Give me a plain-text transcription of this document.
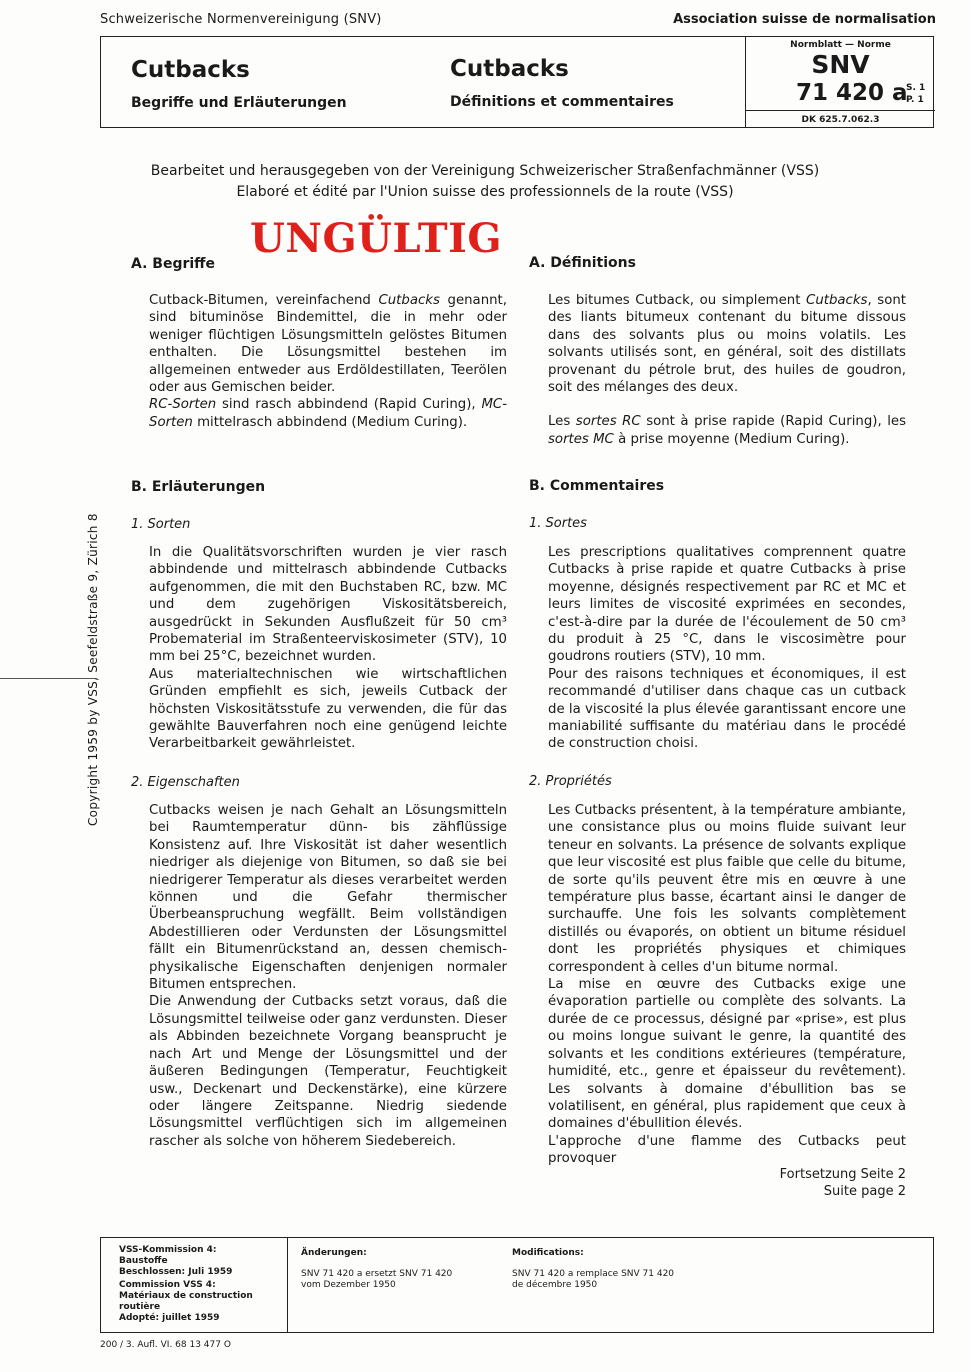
Schweizerische Normenvereinigung (SNV)	Association suisse de normalisation
Cutbacks
Begriffe und Erläuterungen
Cutbacks
Définitions et commentaires
Normblatt — Norme
SNV
71 420 a
S. 1
P. 1
DK 625.7.062.3
Bearbeitet und herausgegeben von der Vereinigung Schweizerischer Straßenfachmänner (VSS)
Elaboré et édité par l'Union suisse des professionnels de la route (VSS)
UNGÜLTIG
A. Begriffe

Cutback-Bitumen, vereinfachend Cutbacks genannt, sind bituminöse Bindemittel, die in mehr oder weniger flüchtigen Lösungsmitteln gelöstes Bitumen enthalten. Die Lösungsmittel bestehen im allgemeinen entweder aus Erdöldestillaten, Teerölen oder aus Gemischen beider.

RC-Sorten sind rasch abbindend (Rapid Curing), MC-Sorten mittelrasch abbindend (Medium Curing).

B. Erläuterungen
1. Sorten

In die Qualitätsvorschriften wurden je vier rasch abbindende und mittelrasch abbindende Cutbacks aufgenommen, die mit den Buchstaben RC, bzw. MC und dem zugehörigen Viskositätsbereich, ausgedrückt in Sekunden Ausflußzeit für 50 cm³ Probematerial im Straßenteerviskosimeter (STV), 10 mm bei 25°C, bezeichnet wurden.

Aus materialtechnischen wie wirtschaftlichen Gründen empfiehlt es sich, jeweils Cutback der höchsten Viskositätsstufe zu verwenden, die für das gewählte Bauverfahren noch eine genügend leichte Verarbeitbarkeit gewährleistet.

2. Eigenschaften

Cutbacks weisen je nach Gehalt an Lösungsmitteln bei Raumtemperatur dünn- bis zähflüssige Konsistenz auf. Ihre Viskosität ist daher wesentlich niedriger als diejenige von Bitumen, so daß sie bei niedrigerer Temperatur als dieses verarbeitet werden können und die Gefahr thermischer Überbeanspruchung wegfällt. Beim vollständigen Abdestillieren oder Verdunsten der Lösungsmittel fällt ein Bitumenrückstand an, dessen chemisch-physikalische Eigenschaften denjenigen normaler Bitumen entsprechen.

Die Anwendung der Cutbacks setzt voraus, daß die Lösungsmittel teilweise oder ganz verdunsten. Dieser als Abbinden bezeichnete Vorgang beansprucht je nach Art und Menge der Lösungsmittel und der äußeren Bedingungen (Temperatur, Feuchtigkeit usw., Deckenart und Deckenstärke), eine kürzere oder längere Zeitspanne. Niedrig siedende Lösungsmittel verflüchtigen sich im allgemeinen rascher als solche von höherem Siedebereich.

A. Définitions

Les bitumes Cutback, ou simplement Cutbacks, sont des liants bitumeux contenant du bitume dissous dans des solvants plus ou moins volatils. Les solvants utilisés sont, en général, soit des distillats provenant du pétrole brut, des huiles de goudron, soit des mélanges des deux.

Les sortes RC sont à prise rapide (Rapid Curing), les sortes MC à prise moyenne (Medium Curing).

B. Commentaires
1. Sortes

Les prescriptions qualitatives comprennent quatre Cutbacks à prise rapide et quatre Cutbacks à prise moyenne, désignés respectivement par RC et MC et leurs limites de viscosité exprimées en secondes, c'est-à-dire par la durée de l'écoulement de 50 cm³ du produit à 25 °C, dans le viscosimètre pour goudrons routiers (STV), 10 mm.

Pour des raisons techniques et économiques, il est recommandé d'utiliser dans chaque cas un cutback de la viscosité la plus élevée garantissant encore une maniabilité suffisante du matériau dans le procédé de construction choisi.

2. Propriétés

Les Cutbacks présentent, à la température ambiante, une consistance plus ou moins fluide suivant leur teneur en solvants. La présence de solvants explique que leur viscosité est plus faible que celle du bitume, de sorte qu'ils peuvent être mis en œuvre à une température plus basse, écartant ainsi le danger de surchauffe. Une fois les solvants complètement distillés ou évaporés, on obtient un bitume résiduel dont les propriétés physiques et chimiques correspondent à celles d'un bitume normal.

La mise en œuvre des Cutbacks exige une évaporation partielle ou complète des solvants. La durée de ce processus, désigné par «prise», est plus ou moins longue suivant le genre, la quantité des solvants et les conditions extérieures (température, humidité, etc., genre et épaisseur du revêtement). Les solvants à domaine d'ébullition bas se volatilisent, en général, plus rapidement que ceux à domaines d'ébullition élevés.

L'approche d'une flamme des Cutbacks peut provoquer

Fortsetzung Seite 2
Suite page 2
Copyright 1959 by VSS, Seefeldstraße 9, Zürich 8
VSS-Kommission 4:
Baustoffe
Beschlossen: Juli 1959
Commission VSS 4:
Matériaux de construction routière
Adopté: juillet 1959
Änderungen:
SNV 71 420 a ersetzt SNV 71 420
vom Dezember 1950
Modifications:
SNV 71 420 a remplace SNV 71 420
de décembre 1950
200 / 3. Aufl. VI. 68 13 477 O
